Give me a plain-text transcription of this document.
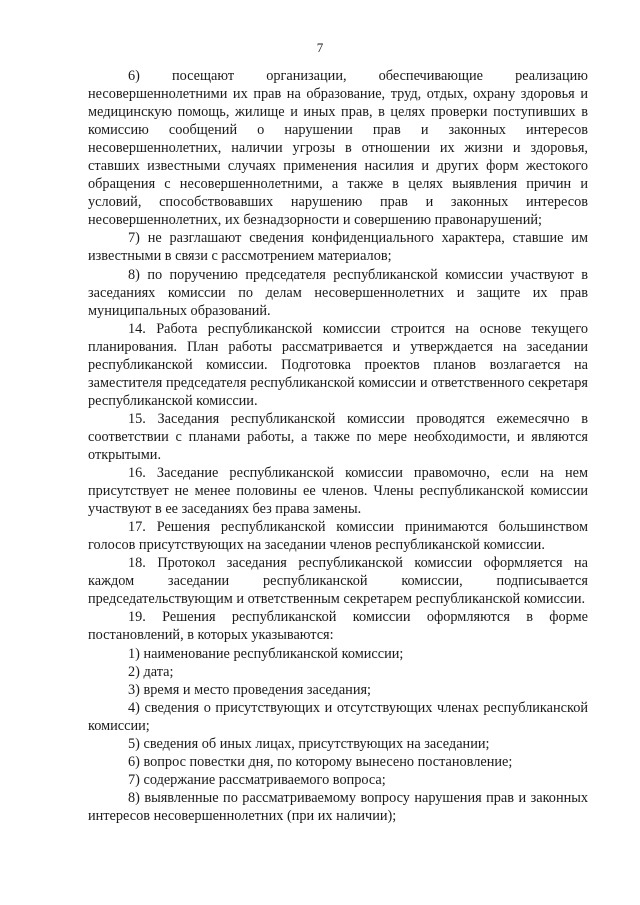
7

6) посещают организации, обеспечивающие реализацию несовершеннолетними их прав на образование, труд, отдых, охрану здоровья и медицинскую помощь, жилище и иных прав, в целях проверки поступивших в комиссию сообщений о нарушении прав и законных интересов несовершеннолетних, наличии угрозы в отношении их жизни и здоровья, ставших известными случаях применения насилия и других форм жестокого обращения с несовершеннолетними, а также в целях выявления причин и условий, способствовавших нарушению прав и законных интересов несовершеннолетних, их безнадзорности и совершению правонарушений;

7) не разглашают сведения конфиденциального характера, ставшие им известными в связи с рассмотрением материалов;

8) по поручению председателя республиканской комиссии участвуют в заседаниях комиссии по делам несовершеннолетних и защите их прав муниципальных образований.

14. Работа республиканской комиссии строится на основе текущего планирования. План работы рассматривается и утверждается на заседании республиканской комиссии. Подготовка проектов планов возлагается на заместителя председателя республиканской комиссии и ответственного секретаря республиканской комиссии.

15. Заседания республиканской комиссии проводятся ежемесячно в соответствии с планами работы, а также по мере необходимости, и являются открытыми.

16. Заседание республиканской комиссии правомочно, если на нем присутствует не менее половины ее членов. Члены республиканской комиссии участвуют в ее заседаниях без права замены.

17. Решения республиканской комиссии принимаются большинством голосов присутствующих на заседании членов республиканской комиссии.

18. Протокол заседания республиканской комиссии оформляется на каждом заседании республиканской комиссии, подписывается председательствующим и ответственным секретарем республиканской комиссии.

19. Решения республиканской комиссии оформляются в форме постановлений, в которых указываются:

1) наименование республиканской комиссии;

2) дата;

3) время и место проведения заседания;

4) сведения о присутствующих и отсутствующих членах республиканской комиссии;

5) сведения об иных лицах, присутствующих на заседании;

6) вопрос повестки дня, по которому вынесено постановление;

7) содержание рассматриваемого вопроса;

8) выявленные по рассматриваемому вопросу нарушения прав и законных интересов несовершеннолетних (при их наличии);
